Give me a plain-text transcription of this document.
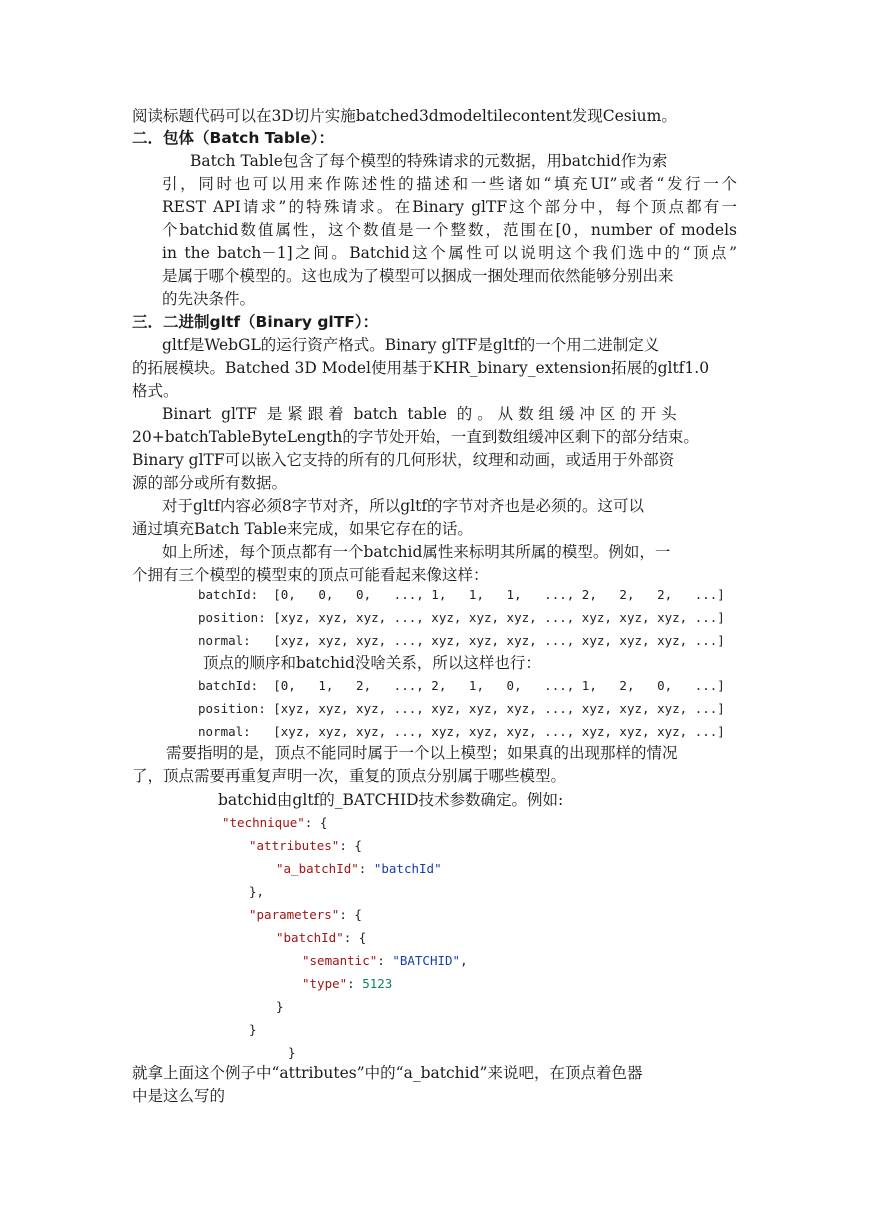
阅读标题代码可以在3D切片实施batched3dmodeltilecontent发现Cesium。
二．包体（Batch Table）：
Batch Table包含了每个模型的特殊请求的元数据，用batchid作为索
引，同时也可以用来作陈述性的描述和一些诸如“填充UI”或者“发行一个
REST API请求”的特殊请求。在Binary glTF这个部分中，每个顶点都有一
个batchid数值属性，这个数值是一个整数，范围在[0，number of models
in the batch－1]之间。Batchid这个属性可以说明这个我们选中的“顶点”
是属于哪个模型的。这也成为了模型可以捆成一捆处理而依然能够分别出来
的先决条件。
三．二进制gltf（Binary glTF）：
gltf是WebGL的运行资产格式。Binary glTF是gltf的一个用二进制定义
的拓展模块。Batched 3D Model使用基于KHR_binary_extension拓展的gltf1.0
格式。
Binart  glTF  是 紧 跟 着  batch  table  的 。 从 数 组 缓 冲 区 的 开 头
20+batchTableByteLength的字节处开始，一直到数组缓冲区剩下的部分结束。
Binary glTF可以嵌入它支持的所有的几何形状，纹理和动画，或适用于外部资
源的部分或所有数据。
对于gltf内容必须8字节对齐，所以gltf的字节对齐也是必须的。这可以
通过填充Batch Table来完成，如果它存在的话。
如上所述，每个顶点都有一个batchid属性来标明其所属的模型。例如，一
个拥有三个模型的模型束的顶点可能看起来像这样：
batchId:  [0,   0,   0,   ..., 1,   1,   1,   ..., 2,   2,   2,   ...]
position: [xyz, xyz, xyz, ..., xyz, xyz, xyz, ..., xyz, xyz, xyz, ...]
normal:   [xyz, xyz, xyz, ..., xyz, xyz, xyz, ..., xyz, xyz, xyz, ...]
顶点的顺序和batchid没啥关系，所以这样也行：
batchId:  [0,   1,   2,   ..., 2,   1,   0,   ..., 1,   2,   0,   ...]
position: [xyz, xyz, xyz, ..., xyz, xyz, xyz, ..., xyz, xyz, xyz, ...]
normal:   [xyz, xyz, xyz, ..., xyz, xyz, xyz, ..., xyz, xyz, xyz, ...]
需要指明的是，顶点不能同时属于一个以上模型；如果真的出现那样的情况
了，顶点需要再重复声明一次，重复的顶点分别属于哪些模型。
batchid由gltf的_BATCHID技术参数确定。例如:
"technique": {
"attributes": {
"a_batchId": "batchId"
},
"parameters": {
"batchId": {
"semantic": "BATCHID",
"type": 5123
}
}
}
就拿上面这个例子中“attributes”中的“a_batchid”来说吧，在顶点着色器
中是这么写的
